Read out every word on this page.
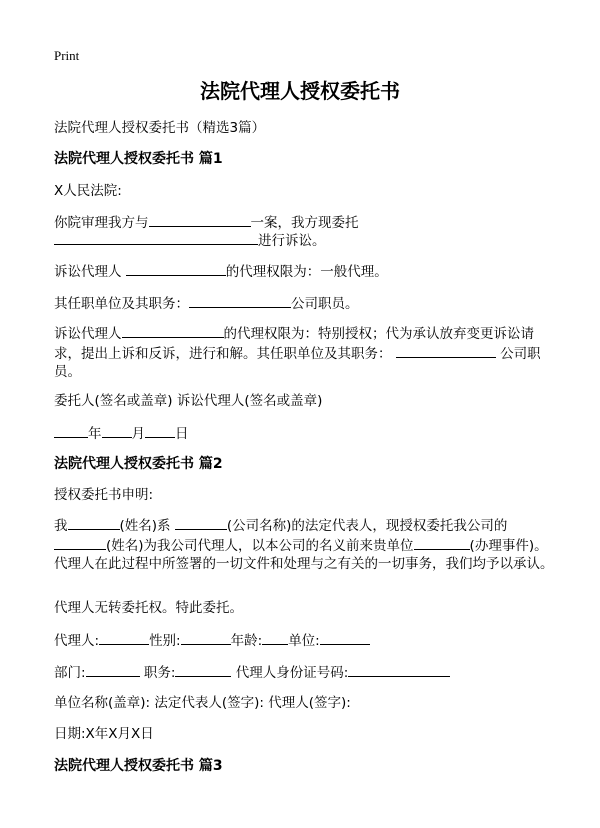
Print
法院代理人授权委托书
法院代理人授权委托书（精选3篇）
法院代理人授权委托书 篇1
X人民法院:
你院审理我方与	一案，我方现委托
进行诉讼。
诉讼代理人	的代理权限为：一般代理。
其任职单位及其职务：	公司职员。
诉讼代理人	的代理权限为：特别授权；代为承认放弃变更诉讼请求，提出上诉和反诉，进行和解。其任职单位及其职务：	公司职员。
委托人(签名或盖章) 诉讼代理人(签名或盖章)
年 月 日
法院代理人授权委托书 篇2
授权委托书申明:
我	(姓名)系	(公司名称)的法定代表人，现授权委托我公司的 (姓名)为我公司代理人，以本公司的名义前来贵单位	(办理事件)。代理人在此过程中所签署的一切文件和处理与之有关的一切事务，我们均予以承认。
代理人无转委托权。特此委托。
代理人:	性别:	年龄: 单位:
部门:	职务:	代理人身份证号码:
单位名称(盖章): 法定代表人(签字): 代理人(签字):
日期:X年X月X日
法院代理人授权委托书 篇3
